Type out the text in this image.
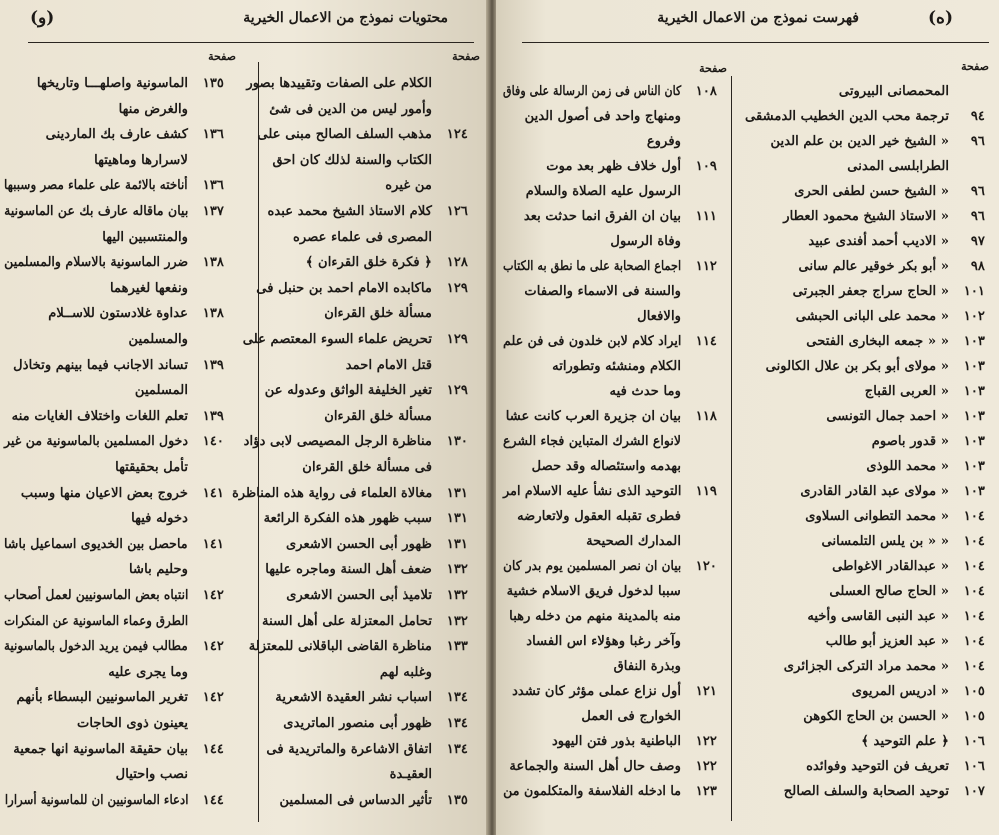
محتويات نموذج من الاعمال الخيرية
(و)
صفحة
صفحة
الكلام على الصفات وتقييدها بصور
وأمور ليس من الدين فى شئ
١٢٤
مذهب السلف الصالح مبنى على
الكتاب والسنة لذلك كان احق
من غيره
١٢٦
كلام الاستاذ الشيخ محمد عبده
المصرى فى علماء عصره
١٢٨
﴿ فكرة خلق القرءان ﴾
١٢٩
ماكابده الامام احمد بن حنبل فى
مسألة خلق القرءان
١٢٩
تحريض علماء السوء المعتصم على
قتل الامام احمد
١٢٩
تغير الخليفة الواثق وعدوله عن
مسألة خلق القرءان
١٣٠
مناظرة الرجل المصيصى لابى دؤاد
فى مسألة خلق القرءان
١٣١
مغالاة العلماء فى رواية هذه المناظرة
١٣١
سبب ظهور هذه الفكرة الرائعة
١٣١
ظهور أبى الحسن الاشعرى
١٣٢
ضعف أهل السنة وماجره عليها
١٣٢
تلاميذ أبى الحسن الاشعرى
١٣٢
تحامل المعتزلة على أهل السنة
١٣٣
مناظرة القاضى الباقلانى للمعتزلة
وغلبه لهم
١٣٤
اسباب نشر العقيدة الاشعرية
١٣٤
ظهور أبى منصور الماتريدى
١٣٤
اتفاق الاشاعرة والماتريدية فى
العقيـدة
١٣٥
تأثير الدساس فى المسلمين
١٣٥
الماسونية واصلهـــا وتاريخها
والغرض منها
١٣٦
كشف عارف بك الماردينى
لاسرارها وماهيتها
١٣٦
أناخته بالائمة على علماء مصر وسببها
١٣٧
بيان ماقاله عارف بك عن الماسونية
والمنتسبين اليها
١٣٨
ضرر الماسونية بالاسلام والمسلمين
ونفعها لغيرهما
١٣٨
عداوة غلادستون للاســلام
والمسلمين
١٣٩
تساند الاجانب فيما بينهم وتخاذل
المسلمين
١٣٩
تعلم اللغات واختلاف الغايات منه
١٤٠
دخول المسلمين بالماسونية من غير
تأمل بحقيقتها
١٤١
خروج بعض الاعيان منها وسبب
دخوله فيها
١٤١
ماحصل بين الخديوى اسماعيل باشا
وحليم باشا
١٤٢
انتباه بعض الماسونيين لعمل أصحاب
الطرق وعماء الماسونية عن المنكرات
١٤٢
مطالب فيمن يريد الدخول بالماسونية
وما يجرى عليه
١٤٢
تغرير الماسونيين البسطاء بأنهم
يعينون ذوى الحاجات
١٤٤
بيان حقيقة الماسونية انها جمعية
نصب واحتيال
١٤٤
ادعاء الماسونيين ان للماسونية أسرارا
فهرست نموذج من الاعمال الخيرية	(ه)
صفحة
صفحة
المحمصانى البيروتى
٩٤
ترجمة محب الدين الخطيب الدمشقى
٩٦
« الشيخ خير الدين بن علم الدين
الطرابلسى المدنى
٩٦
« الشيخ حسن لطفى الحرى
٩٦
« الاستاذ الشيخ محمود العطار
٩٧
« الاديب أحمد أفندى عبيد
٩٨
« أبو بكر خوقير عالم سانى
١٠١
« الحاج سراج جعفر الجبرتى
١٠٢
« محمد على البانى الحبشى
١٠٣
« « جمعه البخارى الفتحى
١٠٣
« مولاى أبو بكر بن علال الكالونى
١٠٣
« العربى القباج
١٠٣
« احمد جمال التونسى
١٠٣
« قدور باصوم
١٠٣
« محمد اللوذى
١٠٣
« مولاى عبد القادر القادرى
١٠٤
« محمد التطوانى السلاوى
١٠٤
« « بن يلس التلمسانى
١٠٤
« عبدالقادر الاغواطى
١٠٤
« الحاج صالح العسلى
١٠٤
« عبد النبى القاسى وأخيه
١٠٤
« عبد العزيز أبو طالب
١٠٤
« محمد مراد التركى الجزائرى
١٠٥
« ادريس المريوى
١٠٥
« الحسن بن الحاج الكوهن
١٠٦
﴿ علم التوحيد ﴾
١٠٦
تعريف فن التوحيد وفوائده
١٠٧
توحيد الصحابة والسلف الصالح
١٠٨
كان الناس فى زمن الرسالة على وفاق
ومنهاج واحد فى أصول الدين
وفروع
١٠٩
أول خلاف ظهر بعد موت
الرسول عليه الصلاة والسلام
١١١
بيان ان الفرق انما حدثت بعد
وفاة الرسول
١١٢
اجماع الصحابة على ما نطق به الكتاب
والسنة فى الاسماء والصفات
والافعال
١١٤
ايراد كلام لابن خلدون فى فن علم
الكلام ومنشئه وتطوراته
وما حدث فيه
١١٨
بيان ان جزيرة العرب كانت عشا
لانواع الشرك المتباين فجاء الشرع
بهدمه واستئصاله وقد حصل
١١٩
التوحيد الذى نشأ عليه الاسلام امر
فطرى تقبله العقول ولاتعارضه
المدارك الصحيحة
١٢٠
بيان ان نصر المسلمين يوم بدر كان
سببا لدخول فريق الاسلام خشية
منه بالمدينة منهم من دخله رهبا
وآخر رغبا وهؤلاء اس الفساد
وبذرة النفاق
١٢١
أول نزاع عملى مؤثر كان تشدد
الخوارج فى العمل
١٢٢
الباطنية بذور فتن اليهود
١٢٢
وصف حال أهل السنة والجماعة
١٢٣
ما ادخله الفلاسفة والمتكلمون من
